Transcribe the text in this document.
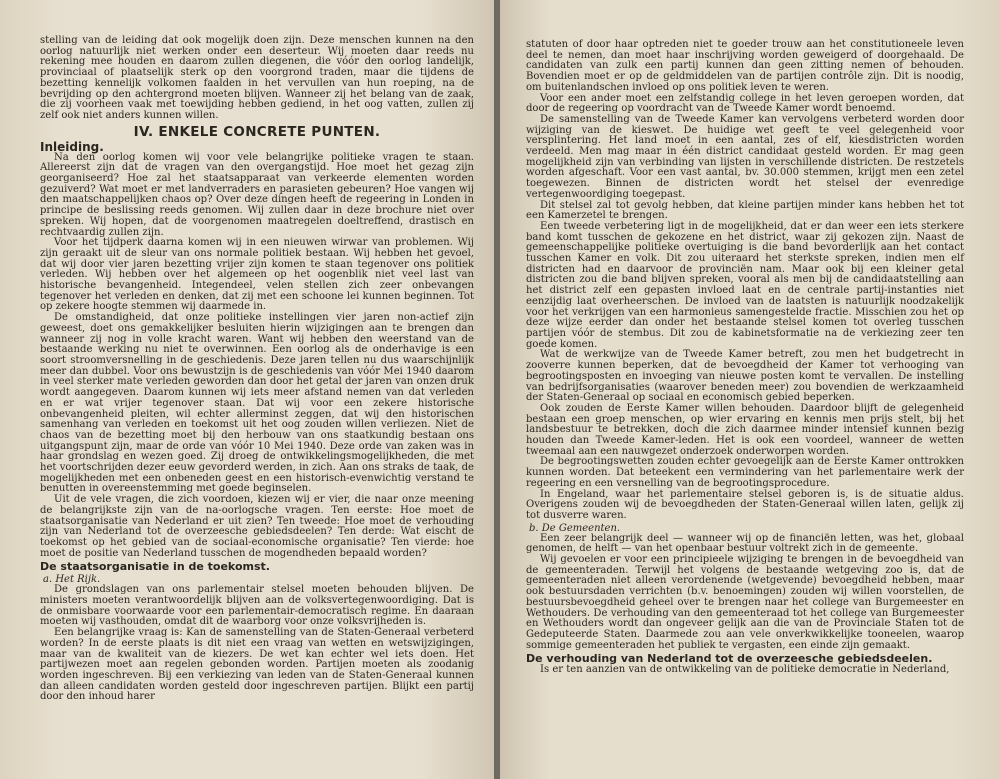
stelling van de leiding dat ook mogelijk doen zijn. Deze menschen kunnen na den oorlog natuurlijk niet werken onder een deserteur. Wij moeten daar reeds nu rekening mee houden en daarom zullen diegenen, die vóór den oorlog landelijk, provinciaal of plaatselijk sterk op den voorgrond traden, maar die tijdens de bezetting kennelijk volkomen faalden in het vervullen van hun roeping, na de bevrijding op den achtergrond moeten blijven. Wanneer zij het belang van de zaak, die zij voorheen vaak met toewijding hebben gediend, in het oog vatten, zullen zij zelf ook niet anders kunnen willen.

IV. ENKELE CONCRETE PUNTEN.
Inleiding.

Na den oorlog komen wij voor vele belangrijke politieke vragen te staan. Allereerst zijn dat de vragen van den overgangstijd. Hoe moet het gezag zijn georganiseerd? Hoe zal het staatsapparaat van verkeerde elementen worden gezuiverd? Wat moet er met landverraders en parasieten gebeuren? Hoe vangen wij den maatschappelijken chaos op? Over deze dingen heeft de regeering in Londen in principe de beslissing reeds genomen. Wij zullen daar in deze brochure niet over spreken. Wij hopen, dat de voorgenomen maatregelen doeltreffend, drastisch en rechtvaardig zullen zijn.

Voor het tijdperk daarna komen wij in een nieuwen wirwar van problemen. Wij zijn geraakt uit de sleur van ons normale politiek bestaan. Wij hebben het gevoel, dat wij door vier jaren bezetting vrijer zijn komen te staan tegenover ons politiek verleden. Wij hebben over het algemeen op het oogenblik niet veel last van historische bevangenheid. Integendeel, velen stellen zich zeer onbevangen tegenover het verleden en denken, dat zij met een schoone lei kunnen beginnen. Tot op zekere hoogte stemmen wij daarmede in.

De omstandigheid, dat onze politieke instellingen vier jaren non-actief zijn geweest, doet ons gemakkelijker besluiten hierin wijzigingen aan te brengen dan wanneer zij nog in volle kracht waren. Want wij hebben den weerstand van de bestaande werking nu niet te overwinnen. Een oorlog als de onderhavige is een soort stroomversnelling in de geschiedenis. Deze jaren tellen nu dus waarschijnlijk meer dan dubbel. Voor ons bewustzijn is de geschiedenis van vóór Mei 1940 daarom in veel sterker mate verleden geworden dan door het getal der jaren van onzen druk wordt aangegeven. Daarom kunnen wij iets meer afstand nemen van dat verleden en er wat vrijer tegenover staan. Dat wij voor een zekere historische onbevangenheid pleiten, wil echter allerminst zeggen, dat wij den historischen samenhang van verleden en toekomst uit het oog zouden willen verliezen. Niet de chaos van de bezetting moet bij den herbouw van ons staatkundig bestaan ons uitgangspunt zijn, maar de orde van vóór 10 Mei 1940. Deze orde van zaken was in haar grondslag en wezen goed. Zij droeg de ontwikkelingsmogelijkheden, die met het voortschrijden dezer eeuw gevorderd werden, in zich. Aan ons straks de taak, de mogelijkheden met een onbeneden geest en een historisch-evenwichtig verstand te benutten in overeenstemming met goede beginselen.

Uit de vele vragen, die zich voordoen, kiezen wij er vier, die naar onze meening de belangrijkste zijn van de na-oorlogsche vragen. Ten eerste: Hoe moet de staatsorganisatie van Nederland er uit zien? Ten tweede: Hoe moet de verhouding zijn van Nederland tot de overzeesche gebiedsdeelen? Ten derde: Wat eischt de toekomst op het gebied van de sociaal-economische organisatie? Ten vierde: hoe moet de positie van Nederland tusschen de mogendheden bepaald worden?

De staatsorganisatie in de toekomst.
a. Het Rijk.

De grondslagen van ons parlementair stelsel moeten behouden blijven. De ministers moeten verantwoordelijk blijven aan de volksvertegenwoordiging. Dat is de onmisbare voorwaarde voor een parlementair-democratisch regime. En daaraan moeten wij vasthouden, omdat dit de waarborg voor onze volksvrijheden is.

Een belangrijke vraag is: Kan de samenstelling van de Staten-Generaal verbeterd worden? In de eerste plaats is dit niet een vraag van wetten en wetswijzigingen, maar van de kwaliteit van de kiezers. De wet kan echter wel iets doen. Het partijwezen moet aan regelen gebonden worden. Partijen moeten als zoodanig worden ingeschreven. Bij een verkiezing van leden van de Staten-Generaal kunnen dan alleen candidaten worden gesteld door ingeschreven partijen. Blijkt een partij door den inhoud harer

statuten of door haar optreden niet te goeder trouw aan het constitutioneele leven deel te nemen, dan moet haar inschrijving worden geweigerd of doorgehaald. De candidaten van zulk een partij kunnen dan geen zitting nemen of behouden. Bovendien moet er op de geldmiddelen van de partijen contrôle zijn. Dit is noodig, om buitenlandschen invloed op ons politiek leven te weren.

Voor een ander moet een zelfstandig college in het leven geroepen worden, dat door de regeering op voordracht van de Tweede Kamer wordt benoemd.

De samenstelling van de Tweede Kamer kan vervolgens verbeterd worden door wijziging van de kieswet. De huidige wet geeft te veel gelegenheid voor versplintering. Het land moet in een aantal, zes of elf, kiesdistricten worden verdeeld. Men mag maar in één district candidaat gesteld worden. Er mag geen mogelijkheid zijn van verbinding van lijsten in verschillende districten. De restzetels worden afgeschaft. Voor een vast aantal, bv. 30.000 stemmen, krijgt men een zetel toegewezen. Binnen de districten wordt het stelsel der evenredige vertegenwoordiging toegepast.

Dit stelsel zal tot gevolg hebben, dat kleine partijen minder kans hebben het tot een Kamerzetel te brengen.

Een tweede verbetering ligt in de mogelijkheid, dat er dan weer een iets sterkere band komt tusschen de gekozene en het district, waar zij gekozen zijn. Naast de gemeenschappelijke politieke overtuiging is die band bevorderlijk aan het contact tusschen Kamer en volk. Dit zou uiteraard het sterkste spreken, indien men elf districten had en daarvoor de provinciën nam. Maar ook bij een kleiner getal districten zou die band blijven spreken, vooral als men bij de candidaatstelling aan het district zelf een gepasten invloed laat en de centrale partij-instanties niet eenzijdig laat overheerschen. De invloed van de laatsten is natuurlijk noodzakelijk voor het verkrijgen van een harmonieus samengestelde fractie. Misschien zou het op deze wijze eerder dan onder het bestaande stelsel komen tot overleg tusschen partijen vóór de stembus. Dit zou de kabinetsformatie na de verkiezing zeer ten goede komen.

Wat de werkwijze van de Tweede Kamer betreft, zou men het budgetrecht in zooverre kunnen beperken, dat de bevoegdheid der Kamer tot verhooging van begrootingsposten en invoeging van nieuwe posten komt te vervallen. De instelling van bedrijfsorganisaties (waarover beneden meer) zou bovendien de werkzaamheid der Staten-Generaal op sociaal en economisch gebied beperken.

Ook zouden de Eerste Kamer willen behouden. Daardoor blijft de gelegenheid bestaan een groep menschen, op wier ervaring en kennis men prijs stelt, bij het landsbestuur te betrekken, doch die zich daarmee minder intensief kunnen bezig houden dan Tweede Kamer-leden. Het is ook een voordeel, wanneer de wetten tweemaal aan een nauwgezet onderzoek onderworpen worden.

De begrootingswetten zouden echter gevoegelijk aan de Eerste Kamer onttrokken kunnen worden. Dat beteekent een vermindering van het parlementaire werk der regeering en een versnelling van de begrootingsprocedure.

In Engeland, waar het parlementaire stelsel geboren is, is de situatie aldus. Overigens zouden wij de bevoegdheden der Staten-Generaal willen laten, gelijk zij tot dusverre waren.

b. De Gemeenten.

Een zeer belangrijk deel — wanneer wij op de financiën letten, was het, globaal genomen, de helft — van het openbaar bestuur voltrekt zich in de gemeente.

Wij gevoelen er voor een principieele wijziging te brengen in de bevoegdheid van de gemeenteraden. Terwijl het volgens de bestaande wetgeving zoo is, dat de gemeenteraden niet alleen verordenende (wetgevende) bevoegdheid hebben, maar ook bestuursdaden verrichten (b.v. benoemingen) zouden wij willen voorstellen, de bestuursbevoegdheid geheel over te brengen naar het college van Burgemeester en Wethouders. De verhouding van den gemeenteraad tot het college van Burgemeester en Wethouders wordt dan ongeveer gelijk aan die van de Provinciale Staten tot de Gedeputeerde Staten. Daarmede zou aan vele onverkwikkelijke tooneelen, waarop sommige gemeenteraden het publiek te vergasten, een einde zijn gemaakt.

De verhouding van Nederland tot de overzeesche gebiedsdeelen.

Is er ten aanzien van de ontwikkeling van de politieke democratie in Nederland,
